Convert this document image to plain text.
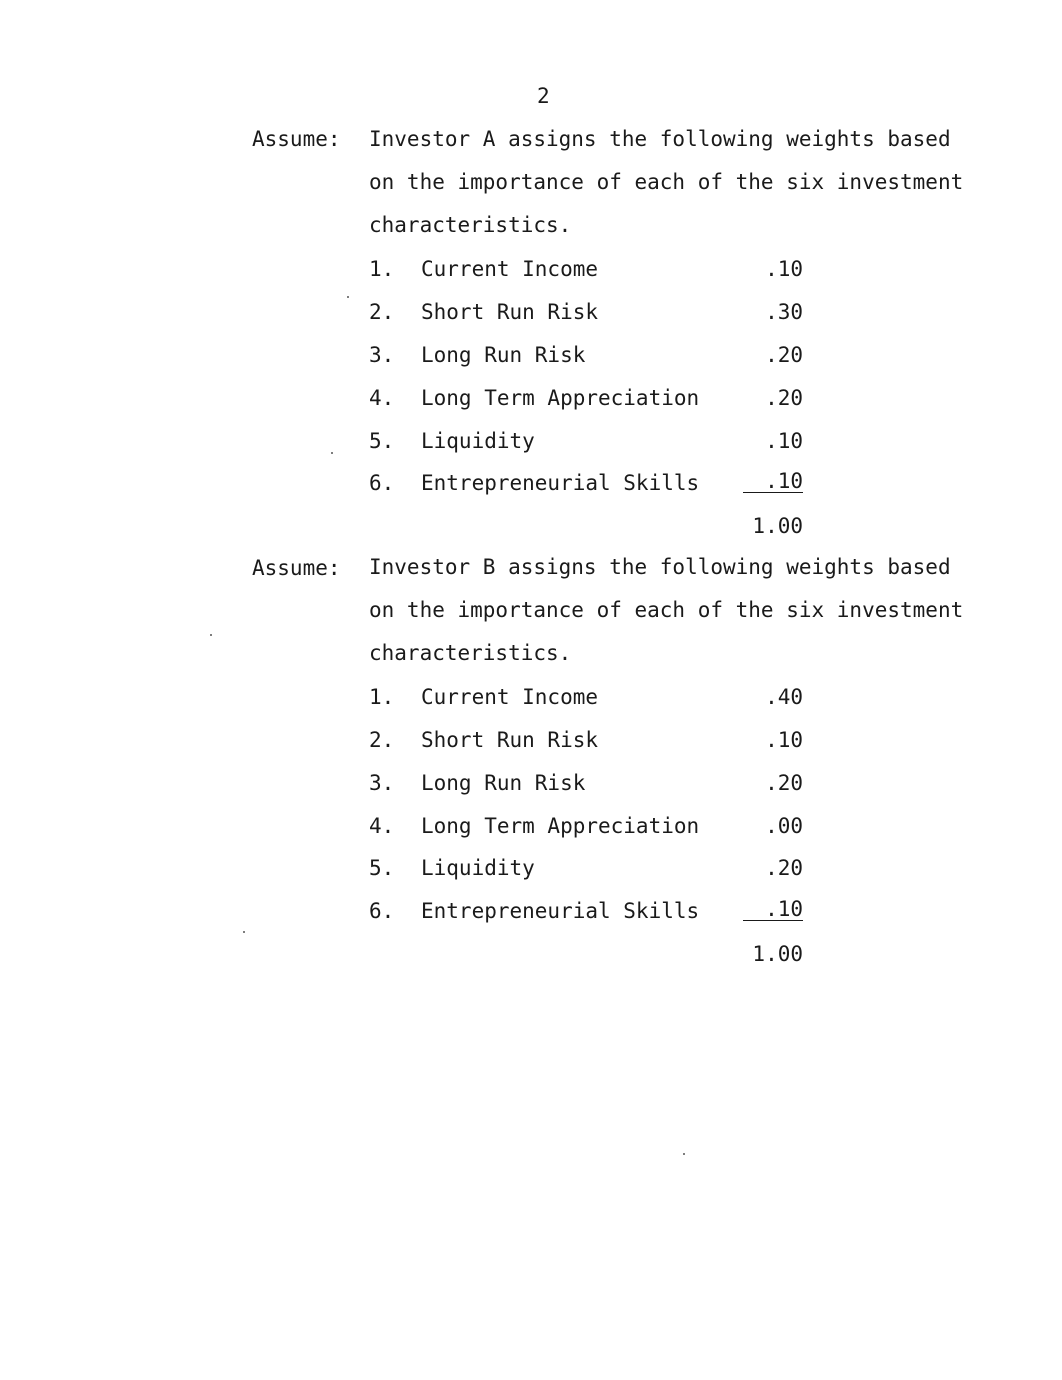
2
Assume: Investor A assigns the following weights based
on the importance of each of the six investment
characteristics.
1. Current Income	.10
2. Short Run Risk	.30
3. Long Run Risk	.20
4. Long Term Appreciation	.20
5. Liquidity	.10
6. Entrepreneurial Skills	.10
1.00
Assume: Investor B assigns the following weights based
on the importance of each of the six investment
characteristics.
1. Current Income	.40
2. Short Run Risk	.10
3. Long Run Risk	.20
4. Long Term Appreciation	.00
5. Liquidity	.20
6. Entrepreneurial Skills	.10
1.00
